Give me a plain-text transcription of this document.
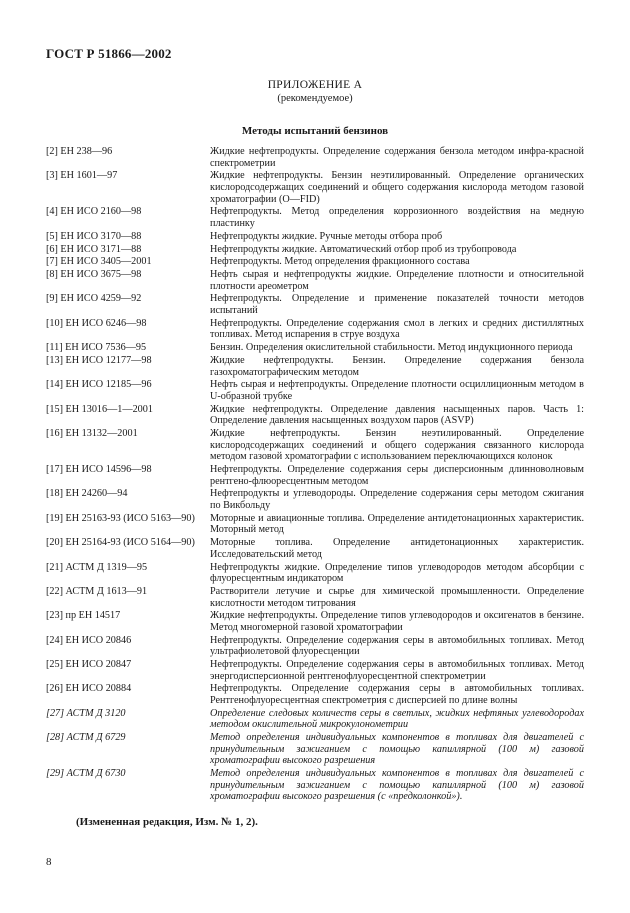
ГОСТ Р 51866—2002
ПРИЛОЖЕНИЕ А
(рекомендуемое)
Методы испытаний бензинов
[2] ЕН 238—96	Жидкие нефтепродукты. Определение содержания бензола методом инфра-красной спектрометрии
[3] ЕН 1601—97	Жидкие нефтепродукты. Бензин неэтилированный. Определение органических кислородсодержащих соединений и общего содержания кислорода методом газовой хроматографии (O—FID)
[4] ЕН ИСО 2160—98	Нефтепродукты. Метод определения коррозионного воздействия на медную пластинку
[5] ЕН ИСО 3170—88	Нефтепродукты жидкие. Ручные методы отбора проб
[6] ЕН ИСО 3171—88	Нефтепродукты жидкие. Автоматический отбор проб из трубопровода
[7] ЕН ИСО 3405—2001	Нефтепродукты. Метод определения фракционного состава
[8] ЕН ИСО 3675—98	Нефть сырая и нефтепродукты жидкие. Определение плотности и относительной плотности ареометром
[9] ЕН ИСО 4259—92	Нефтепродукты. Определение и применение показателей точности методов испытаний
[10] ЕН ИСО 6246—98	Нефтепродукты. Определение содержания смол в легких и средних дистиллятных топливах. Метод испарения в струе воздуха
[11] ЕН ИСО 7536—95	Бензин. Определения окислительной стабильности. Метод индукционного периода
[13] ЕН ИСО 12177—98	Жидкие нефтепродукты. Бензин. Определение содержания бензола газохроматографическим методом
[14] ЕН ИСО 12185—96	Нефть сырая и нефтепродукты. Определение плотности осциллиционным методом в U-образной трубке
[15] ЕН 13016—1—2001	Жидкие нефтепродукты. Определение давления насыщенных паров. Часть 1: Определение давления насыщенных воздухом паров (ASVP)
[16] ЕН 13132—2001	Жидкие нефтепродукты. Бензин неэтилированный. Определение кислородсодержащих соединений и общего содержания связанного кислорода методом газовой хроматографии с использованием переключающихся колонок
[17] ЕН ИСО 14596—98	Нефтепродукты. Определение содержания серы дисперсионным длинноволновым рентгено-флюоресцентным методом
[18] ЕН 24260—94	Нефтепродукты и углеводороды. Определение содержания серы методом сжигания по Викбольду
[19] ЕН 25163-93 (ИСО 5163—90)	Моторные и авиационные топлива. Определение антидетонационных характеристик. Моторный метод
[20] ЕН 25164-93 (ИСО 5164—90)	Моторные топлива. Определение антидетонационных характеристик. Исследовательский метод
[21] АСТМ Д 1319—95	Нефтепродукты жидкие. Определение типов углеводородов методом абсорбции с флуоресцентным индикатором
[22] АСТМ Д 1613—91	Растворители летучие и сырье для химической промышленности. Определение кислотности методом титрования
[23] пр ЕН 14517	Жидкие нефтепродукты. Определение типов углеводородов и оксигенатов в бензине. Метод многомерной газовой хроматографии
[24] ЕН ИСО 20846	Нефтепродукты. Определение содержания серы в автомобильных топливах. Метод ультрафиолетовой флуоресценции
[25] ЕН ИСО 20847	Нефтепродукты. Определение содержания серы в автомобильных топливах. Метод энергодисперсионной рентгенофлуоресцентной спектрометрии
[26] ЕН ИСО 20884	Нефтепродукты. Определение содержания серы в автомобильных топливах. Рентгенофлуоресцентная спектрометрия с дисперсией по длине волны
[27] АСТМ Д 3120	Определение следовых количеств серы в светлых, жидких нефтяных углеводородах методом окислительной микрокулонометрии
[28] АСТМ Д 6729	Метод определения индивидуальных компонентов в топливах для двигателей с принудительным зажиганием с помощью капиллярной (100 м) газовой хроматографии высокого разрешения
[29] АСТМ Д 6730	Метод определения индивидуальных компонентов в топливах для двигателей с принудительным зажиганием с помощью капиллярной (100 м) газовой хроматографии высокого разрешения (с «предколонкой»).
(Измененная редакция, Изм. № 1, 2).
8
